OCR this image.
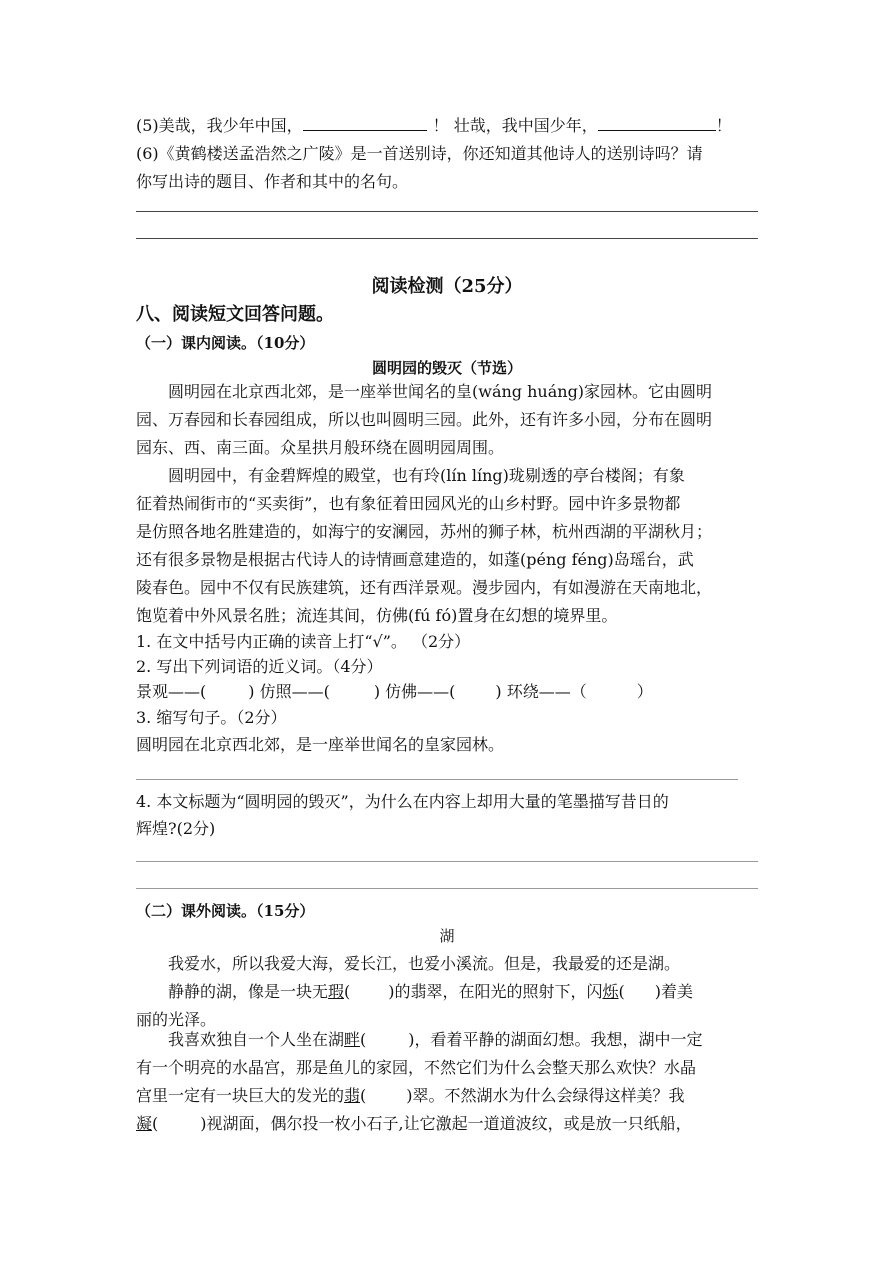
(5)美哉，我少年中国，	！ 壮哉，我中国少年，	！
(6)《黄鹤楼送孟浩然之广陵》是一首送别诗，你还知道其他诗人的送别诗吗？请
你写出诗的题目、作者和其中的名句。
阅读检测（25分）
八、阅读短文回答问题。
（一）课内阅读。（10分）
圆明园的毁灭（节选）
圆明园在北京西北郊，是一座举世闻名的皇(wáng huáng)家园林。它由圆明
园、万春园和长春园组成，所以也叫圆明三园。此外，还有许多小园，分布在圆明
园东、西、南三面。众星拱月般环绕在圆明园周围。
圆明园中，有金碧辉煌的殿堂，也有玲(lín líng)珑剔透的亭台楼阁；有象
征着热闹街市的“买卖街”，也有象征着田园风光的山乡村野。园中许多景物都
是仿照各地名胜建造的，如海宁的安澜园，苏州的狮子林，杭州西湖的平湖秋月；
还有很多景物是根据古代诗人的诗情画意建造的，如蓬(péng féng)岛瑶台，武
陵春色。园中不仅有民族建筑，还有西洋景观。漫步园内，有如漫游在天南地北，
饱览着中外风景名胜；流连其间，仿佛(fú fó)置身在幻想的境界里。
1. 在文中括号内正确的读音上打“√”。 （2分）
2. 写出下列词语的近义词。（4分）
景观——(	) 仿照——(	) 仿佛——(	) 环绕——（	）
3. 缩写句子。（2分）
圆明园在北京西北郊，是一座举世闻名的皇家园林。
4. 本文标题为“圆明园的毁灭”，为什么在内容上却用大量的笔墨描写昔日的
辉煌?(2分)
（二）课外阅读。（15分）
湖
我爱水，所以我爱大海，爱长江，也爱小溪流。但是，我最爱的还是湖。
静静的湖，像是一块无瑕( )的翡翠，在阳光的照射下，闪烁( )着美
丽的光泽。
我喜欢独自一个人坐在湖畔(	)，看着平静的湖面幻想。我想，湖中一定
有一个明亮的水晶宫，那是鱼儿的家园，不然它们为什么会整天那么欢快？水晶
宫里一定有一块巨大的发光的翡(	)翠。不然湖水为什么会绿得这样美？我
凝(	)视湖面，偶尔投一枚小石子,让它激起一道道波纹，或是放一只纸船，
